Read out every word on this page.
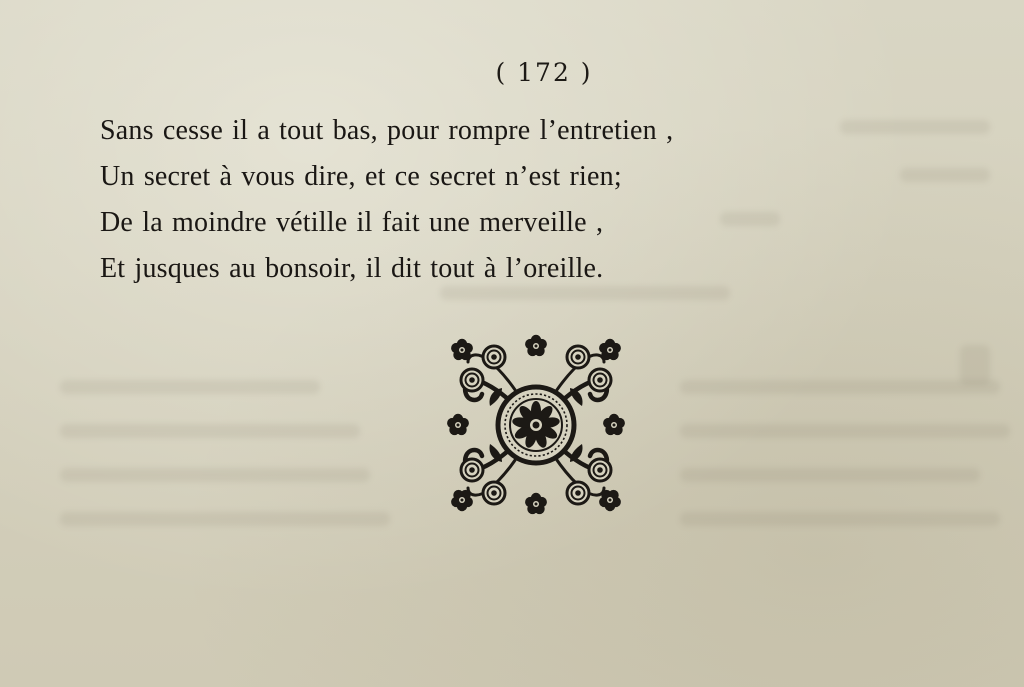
( 172 )
Sans cesse il a tout bas, pour rompre l’entretien ,
Un secret à vous dire, et ce secret n’est rien;
De la moindre vétille il fait une merveille ,
Et jusques au bonsoir, il dit tout à l’oreille.
